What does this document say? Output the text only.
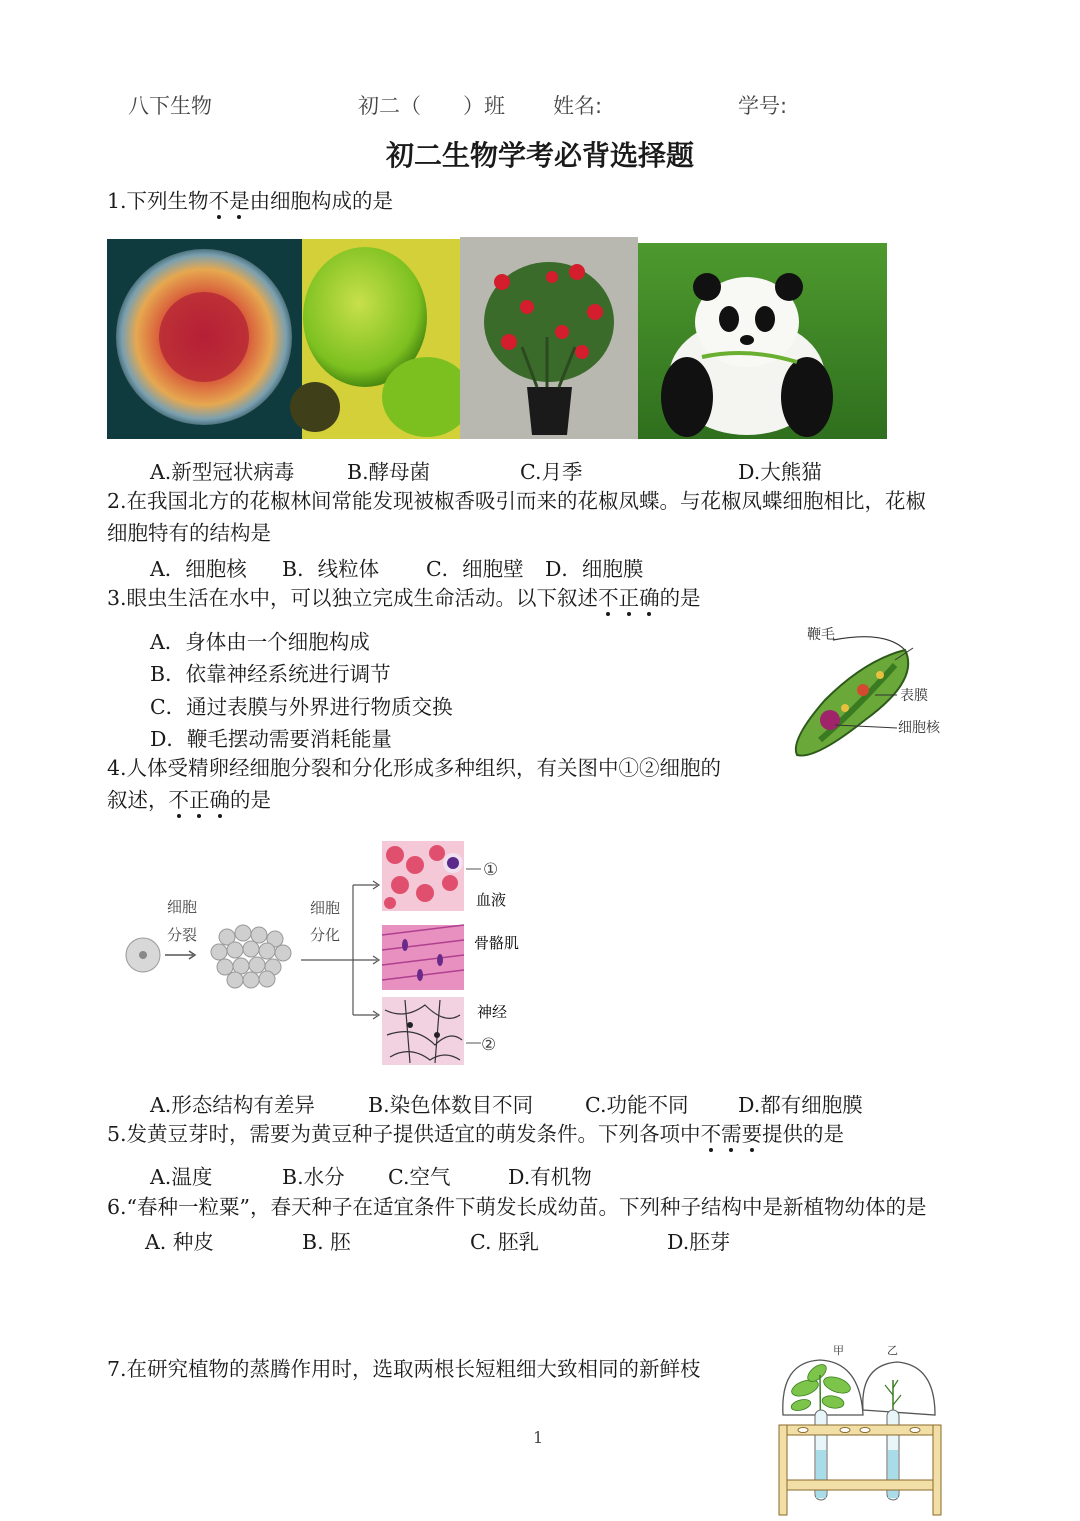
八下生物	初二（　　）班 姓名:	学号:
初二生物学考必背选择题
1.下列生物不是由细胞构成的是
A.新型冠状病毒	B.酵母菌	C.月季	D.大熊猫
2.在我国北方的花椒林间常能发现被椒香吸引而来的花椒凤蝶。与花椒凤蝶细胞相比，花椒
细胞特有的结构是
A．细胞核 B．线粒体 C．细胞壁 D．细胞膜
3.眼虫生活在水中，可以独立完成生命活动。以下叙述不正确的是
A．身体由一个细胞构成
B．依靠神经系统进行调节
C．通过表膜与外界进行物质交换
D．鞭毛摆动需要消耗能量
鞭毛
表膜
细胞核
4.人体受精卵经细胞分裂和分化形成多种组织，有关图中①②细胞的
叙述，不正确的是
细胞
分裂
细胞
分化
①
血液
骨骼肌
神经
②
A.形态结构有差异	B.染色体数目不同	C.功能不同 D.都有细胞膜
5.发黄豆芽时，需要为黄豆种子提供适宜的萌发条件。下列各项中不需要提供的是
A.温度	B.水分 C.空气	D.有机物
6.“春种一粒粟”，春天种子在适宜条件下萌发长成幼苗。下列种子结构中是新植物幼体的是
A. 种皮	B. 胚	C. 胚乳	D.胚芽
7.在研究植物的蒸腾作用时，选取两根长短粗细大致相同的新鲜枝
甲	乙
1
